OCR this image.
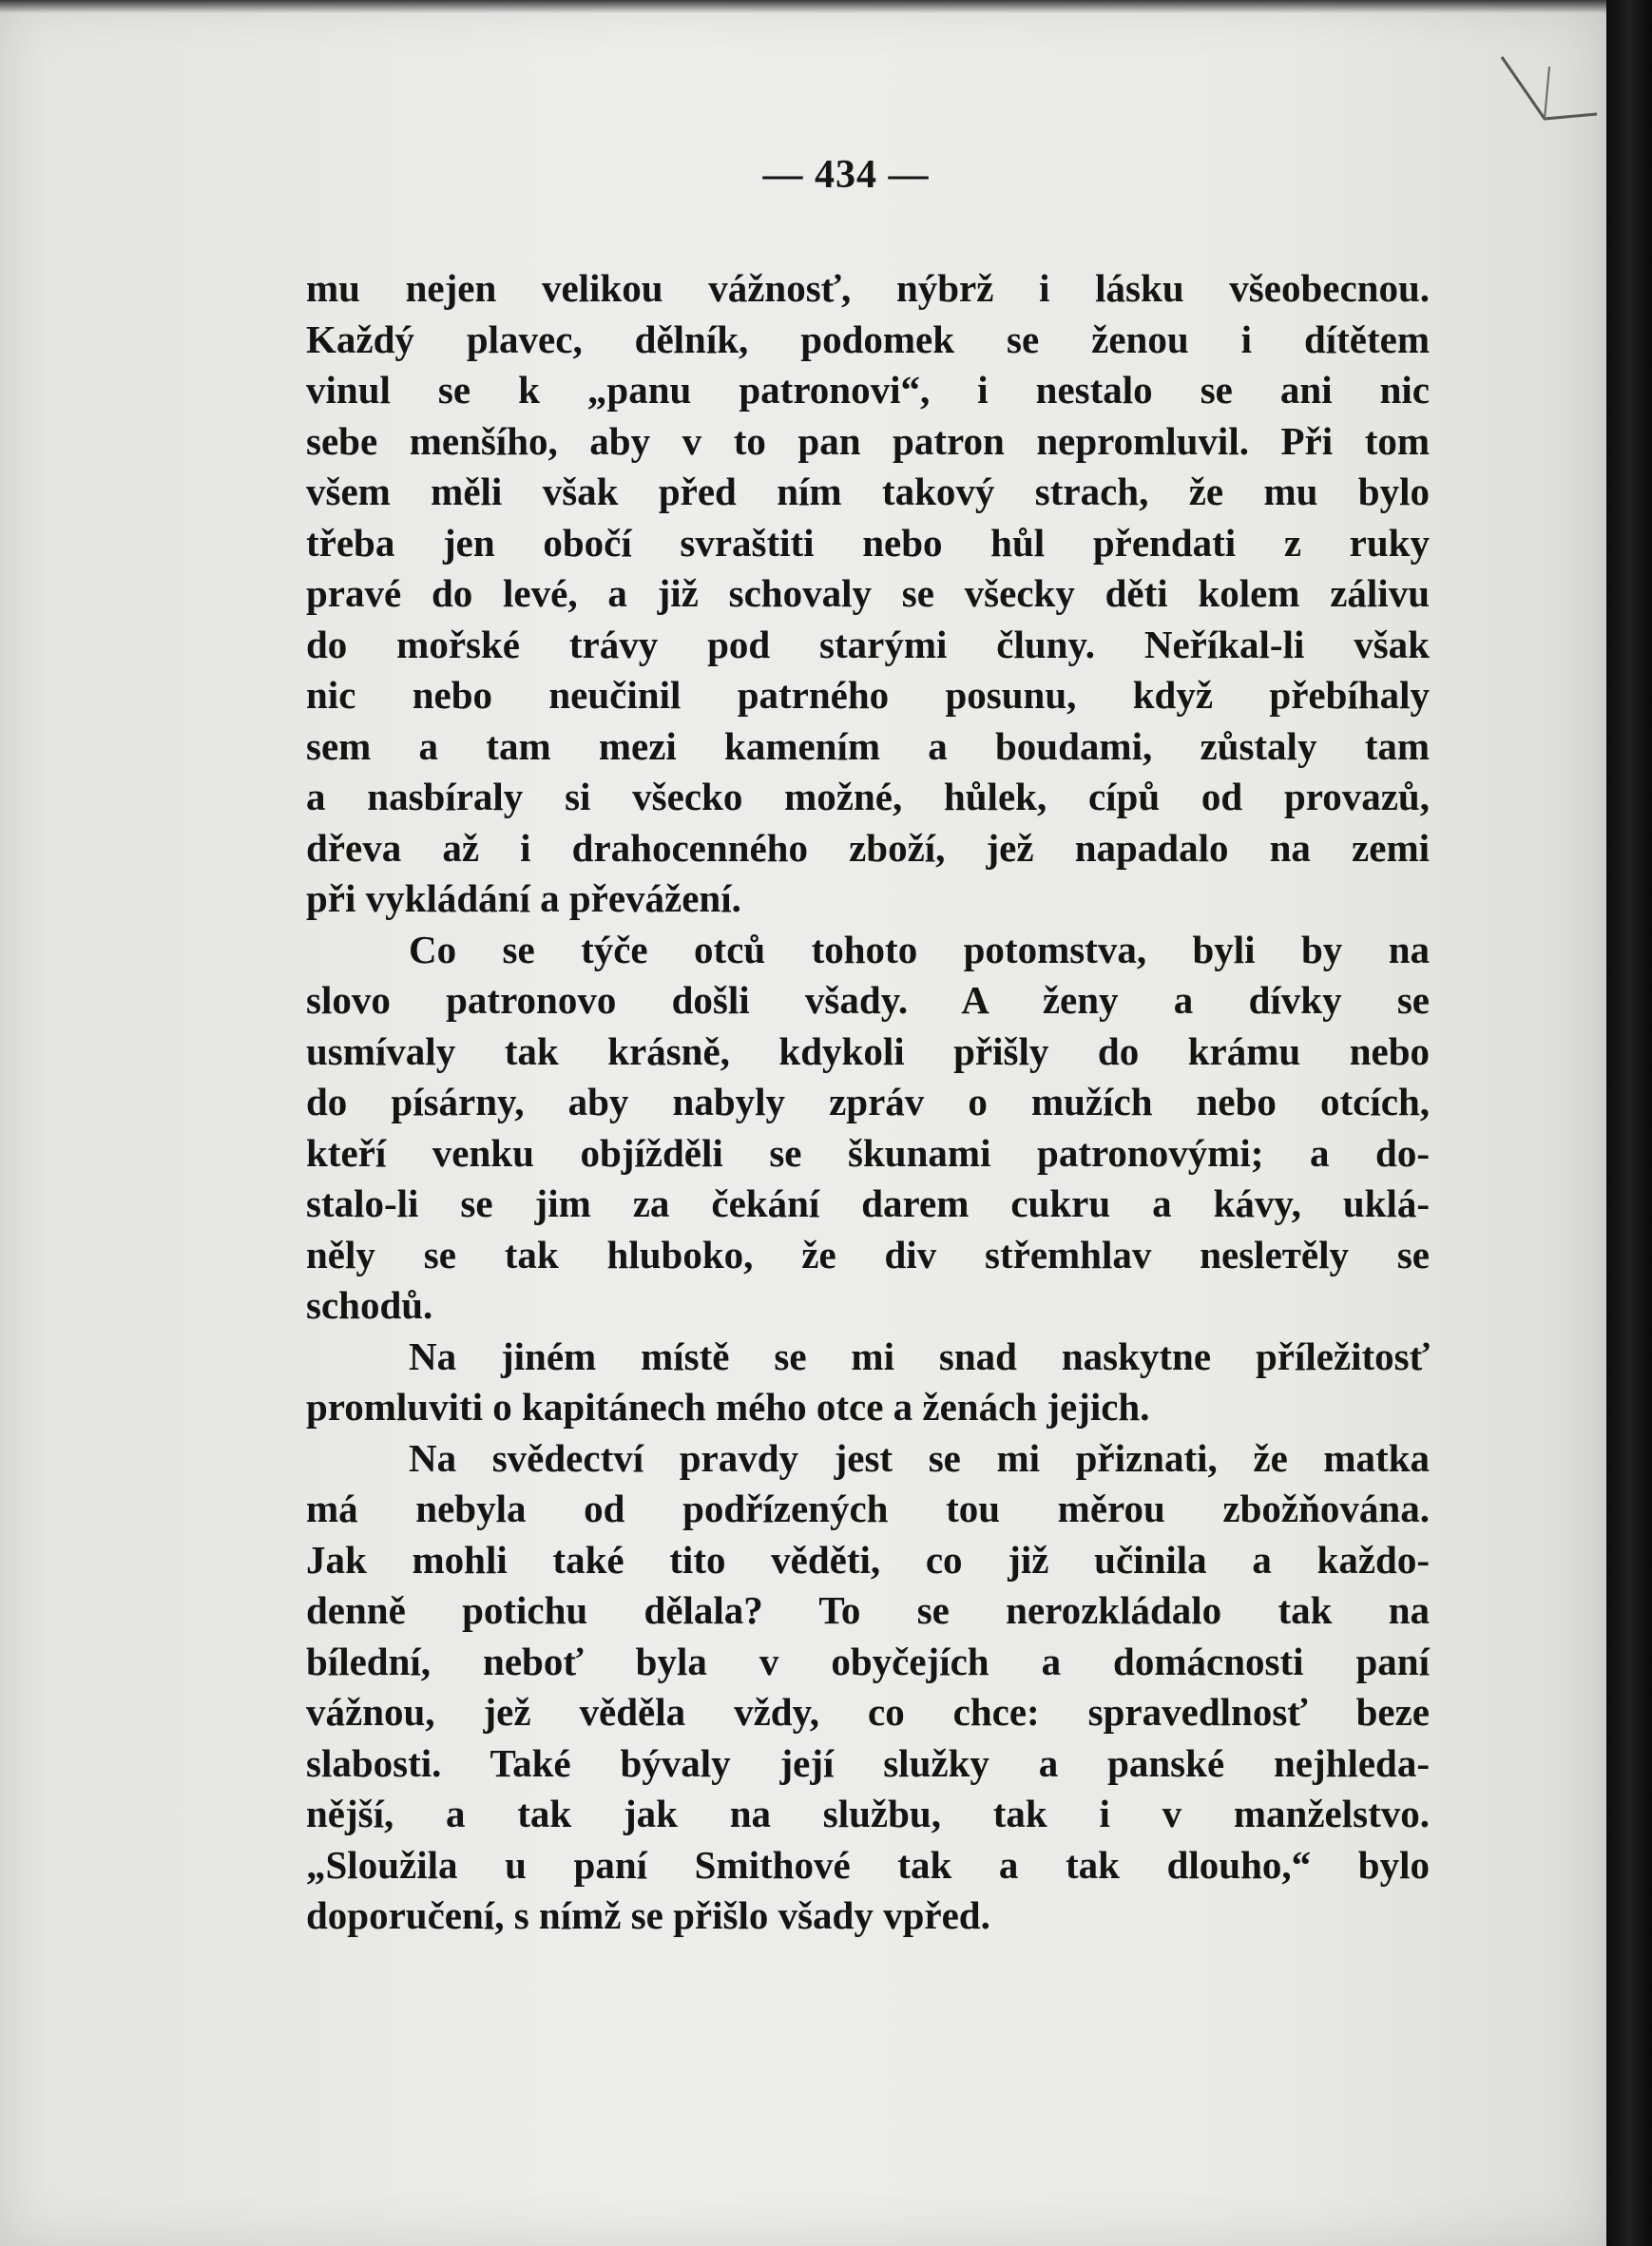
— 434 —
mu nejen velikou vážnosť, nýbrž i lásku všeobecnou.
Každý plavec, dělník, podomek se ženou i dítětem
vinul se k „panu patronovi“, i nestalo se ani nic
sebe menšího, aby v to pan patron nepromluvil. Při tom
všem měli však před ním takový strach, že mu bylo
třeba jen obočí svraštiti nebo hůl přendati z ruky
pravé do levé, a již schovaly se všecky děti kolem zálivu
do mořské trávy pod starými čluny. Neříkal-li však
nic nebo neučinil patrného posunu, když přebíhaly
sem a tam mezi kamením a boudami, zůstaly tam
a nasbíraly si všecko možné, hůlek, cípů od provazů,
dřeva až i drahocenného zboží, jež napadalo na zemi
při vykládání a převážení.
Co se týče otců tohoto potomstva, byli by na
slovo patronovo došli všady. A ženy a dívky se
usmívaly tak krásně, kdykoli přišly do krámu nebo
do písárny, aby nabyly zpráv o mužích nebo otcích,
kteří venku objížděli se škunami patronovými; a do-
stalo-li se jim za čekání darem cukru a kávy, uklá-
něly se tak hluboko, že div střemhlav neslетěly se
schodů.
Na jiném místě se mi snad naskytne příležitosť
promluviti o kapitánech mého otce a ženách jejich.
Na svědectví pravdy jest se mi přiznati, že matka
má nebyla od podřízených tou měrou zbožňována.
Jak mohli také tito věděti, co již učinila a každo-
denně potichu dělala? To se nerozkládalo tak na
bílední, neboť byla v obyčejích a domácnosti paní
vážnou, jež věděla vždy, co chce: spravedlnosť beze
slabosti. Také bývaly její služky a panské nejhleda-
nější, a tak jak na službu, tak i v manželstvo.
„Sloužila u paní Smithové tak a tak dlouho,“ bylo
doporučení, s nímž se přišlo všady vpřed.
